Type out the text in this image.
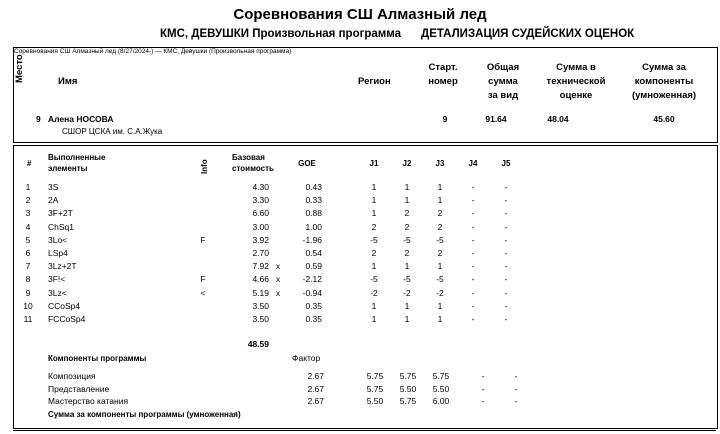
Соревнования СШ Алмазный лед
КМС, ДЕВУШКИ Произвольная программа ДЕТАЛИЗАЦИЯ СУДЕЙСКИХ ОЦЕНОК
Соревнования СШ Алмазный лед (8/27/2024-) — КМС, Девушки (Произвольная программа)
Место	Имя	Регион
Старт.
номер
Общая
сумма
за вид
Сумма в
технической
оценке
Сумма за
компоненты
(умноженная)
9 Алена НОСОВА
СШОР ЦСКА им. С.А.Жука
9	91.64	48.04	45.60
#
Выполненные
элементы	Info
Базовая
стоимость
GOE	J1	J2	J3	J4	J5
1	3S	4.30	0.43	1	1	1	-	-
2	2A	3.30	0.33	1	1	1	-	-
3	3F+2T	6.60	0.88	1	2	2	-	-
4	ChSq1	3.00	1.00	2	2	2	-	-
5	3Lo<	F	3.92	-1.96	-5	-5	-5	-	-
6	LSp4	2.70	0.54	2	2	2	-	-
7	3Lz+2T	7.92 x	0.59	1	1	1	-	-
8	3F!<	F	4.66 x	-2.12	-5	-5	-5	-	-
9	3Lz<	<	5.19 x	-0.94	-2	-2	-2	-	-
10	CCoSp4	3.50	0.35	1	1	1	-	-
11	FCCoSp4	3.50	0.35	1	1	1	-	-
48.59
Компоненты программы	Фактор
Композиция	2.67	5.75	5.75	5.75	-	-
Представление	2.67	5.75	5.50	5.50	-	-
Мастерство катания	2.67	5.50	5.75	6.00	-	-
Сумма за компоненты программы (умноженная)
